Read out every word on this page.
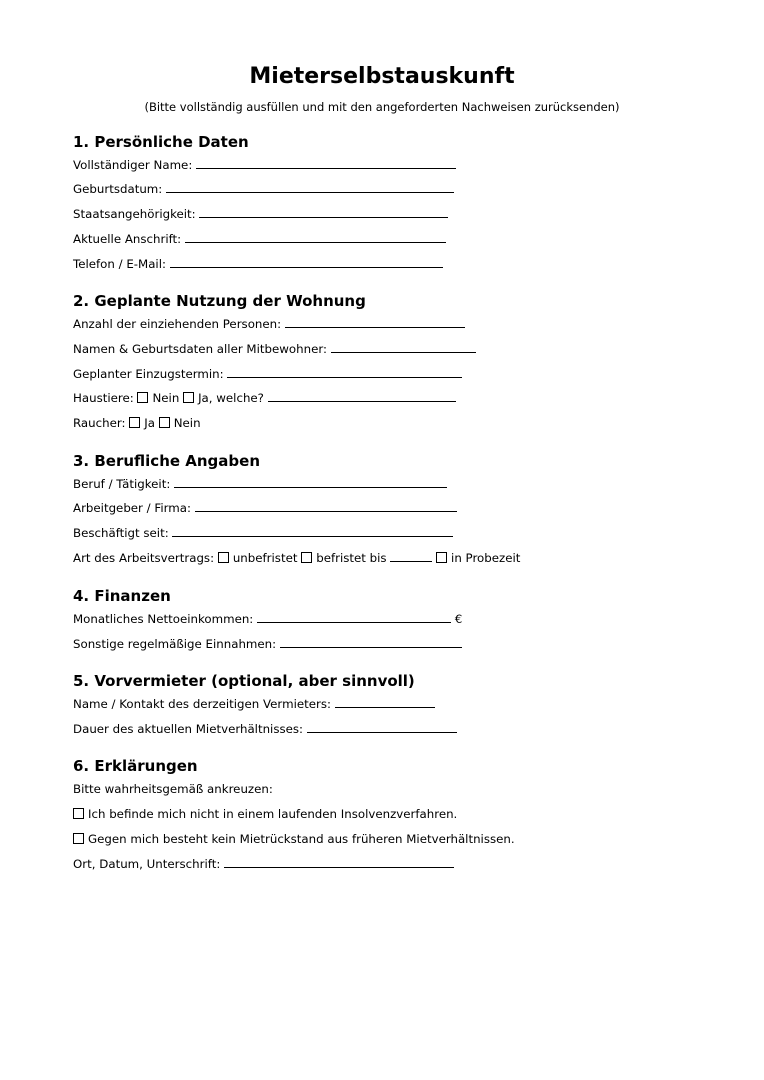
Mieterselbstauskunft
(Bitte vollständig ausfüllen und mit den angeforderten Nachweisen zurücksenden)
1. Persönliche Daten
Vollständiger Name:
Geburtsdatum:
Staatsangehörigkeit:
Aktuelle Anschrift:
Telefon / E-Mail:
2. Geplante Nutzung der Wohnung
Anzahl der einziehenden Personen:
Namen & Geburtsdaten aller Mitbewohner:
Geplanter Einzugstermin:
Haustiere: Nein Ja, welche?
Raucher: Ja Nein
3. Berufliche Angaben
Beruf / Tätigkeit:
Arbeitgeber / Firma:
Beschäftigt seit:
Art des Arbeitsvertrags: unbefristet befristet bis	in Probezeit
4. Finanzen
Monatliches Nettoeinkommen:	€
Sonstige regelmäßige Einnahmen:
5. Vorvermieter (optional, aber sinnvoll)
Name / Kontakt des derzeitigen Vermieters:
Dauer des aktuellen Mietverhältnisses:
6. Erklärungen
Bitte wahrheitsgemäß ankreuzen:
Ich befinde mich nicht in einem laufenden Insolvenzverfahren.
Gegen mich besteht kein Mietrückstand aus früheren Mietverhältnissen.
Ort, Datum, Unterschrift:
